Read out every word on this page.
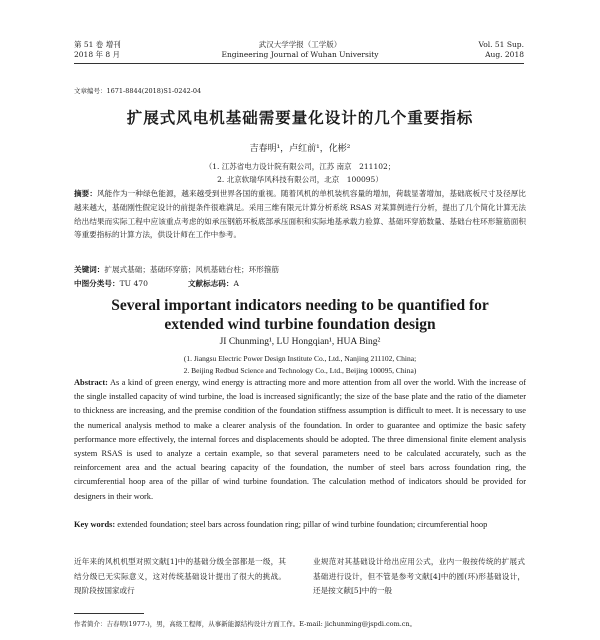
第 51 卷 增刊
2018 年 8 月
武汉大学学报（工学版）
Engineering Journal of Wuhan University
Vol. 51 Sup.
Aug. 2018
文章编号：1671-8844(2018)S1-0242-04
扩展式风电机基础需要量化设计的几个重要指标
吉春明¹，卢红前¹，化彬²
（1. 江苏省电力设计院有限公司，江苏 南京　211102；
2. 北京软瑞华风科技有限公司，北京　100095）
摘要：风能作为一种绿色能源，越来越受到世界各国的重视。随着风机的单机装机容量的增加，荷载显著增加，基础底板尺寸及径厚比越来越大，基础刚性假定设计的前提条件很难满足。采用三维有限元计算分析系统 RSAS 对某算例进行分析，提出了几个简化计算无法给出结果而实际工程中应该重点考虑的如承压钢筋环板底部承压面积和实际地基承载力验算、基础环穿筋数量、基础台柱环形箍筋面积等重要指标的计算方法，供设计师在工作中参考。
关键词：扩展式基础；基础环穿筋；风机基础台柱；环形箍筋
中图分类号：TU 470	文献标志码：A
Several important indicators needing to be quantified for
extended wind turbine foundation design
JI Chunming¹, LU Hongqian¹, HUA Bing²
(1. Jiangsu Electric Power Design Institute Co., Ltd., Nanjing 211102, China;
2. Beijing Redbud Science and Technology Co., Ltd., Beijing 100095, China)
Abstract: As a kind of green energy, wind energy is attracting more and more attention from all over the world. With the increase of the single installed capacity of wind turbine, the load is increased significantly; the size of the base plate and the ratio of the diameter to thickness are increasing, and the premise condition of the foundation stiffness assumption is difficult to meet. It is necessary to use the numerical analysis method to make a clearer analysis of the foundation. In order to guarantee and optimize the basic safety performance more effectively, the internal forces and displacements should be adopted. The three dimensional finite element analysis system RSAS is used to analyze a certain example, so that several parameters need to be calculated accurately, such as the reinforcement area and the actual bearing capacity of the foundation, the number of steel bars across foundation ring, the circumferential hoop area of the pillar of wind turbine foundation. The calculation method of indicators should be provided for designers in their work.
Key words: extended foundation; steel bars across foundation ring; pillar of wind turbine foundation; circumferential hoop
近年来的风机机型对照文献[1]中的基础分级全部都是一级，其结分级已无实际意义，这对传统基础设计提出了很大的挑战。现阶段按国家或行
业规范对其基础设计给出应用公式，业内一般按传统的扩展式基础进行设计，但不管是参考文献[4]中的圆(环)形基础设计，还是按文献[5]中的一般
作者简介：吉春明(1977-)，男，高级工程师，从事新能源结构设计方面工作。E-mail: jichunming@jspdi.com.cn。
